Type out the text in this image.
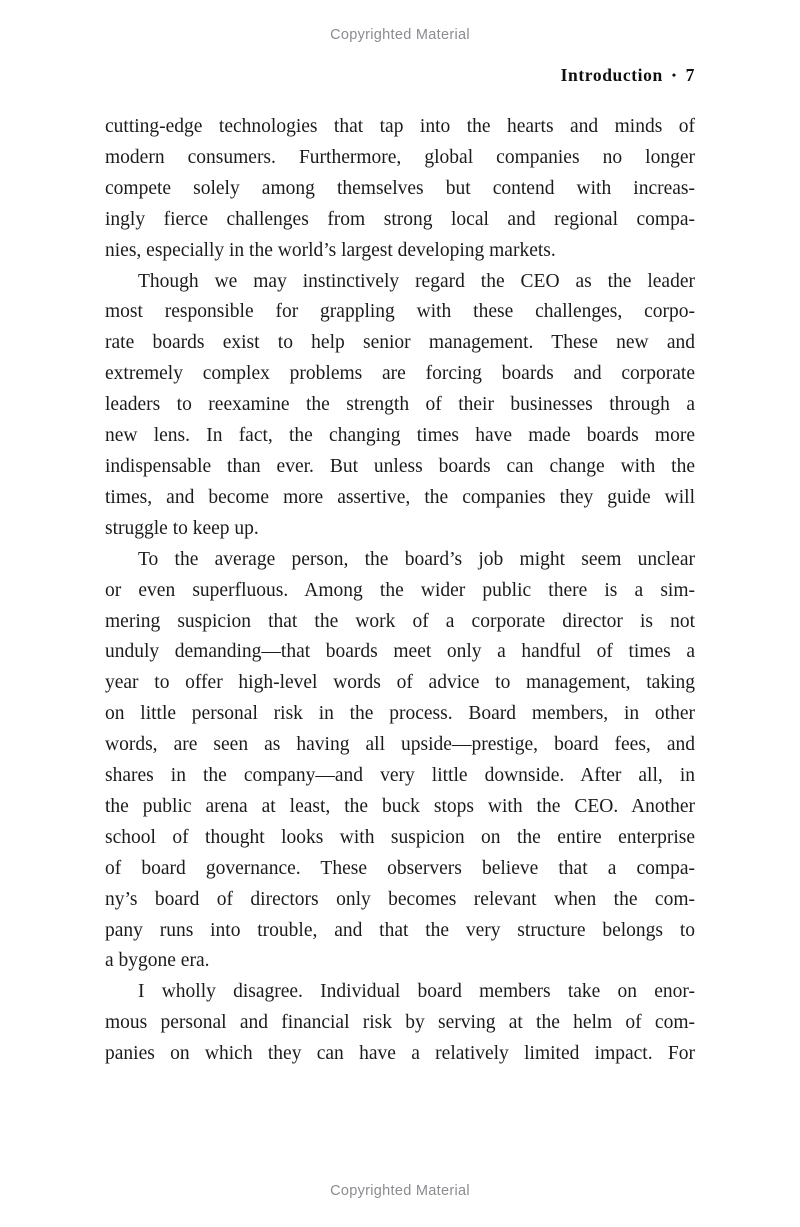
Copyrighted Material
Introduction • 7
cutting-edge technologies that tap into the hearts and minds of
modern consumers. Furthermore, global companies no longer
compete solely among themselves but contend with increas-
ingly fierce challenges from strong local and regional compa-
nies, especially in the world’s largest developing markets.
Though we may instinctively regard the CEO as the leader
most responsible for grappling with these challenges, corpo-
rate boards exist to help senior management. These new and
extremely complex problems are forcing boards and corporate
leaders to reexamine the strength of their businesses through a
new lens. In fact, the changing times have made boards more
indispensable than ever. But unless boards can change with the
times, and become more assertive, the companies they guide will
struggle to keep up.
To the average person, the board’s job might seem unclear
or even superfluous. Among the wider public there is a sim-
mering suspicion that the work of a corporate director is not
unduly demanding—that boards meet only a handful of times a
year to offer high-level words of advice to management, taking
on little personal risk in the process. Board members, in other
words, are seen as having all upside—prestige, board fees, and
shares in the company—and very little downside. After all, in
the public arena at least, the buck stops with the CEO. Another
school of thought looks with suspicion on the entire enterprise
of board governance. These observers believe that a compa-
ny’s board of directors only becomes relevant when the com-
pany runs into trouble, and that the very structure belongs to
a bygone era.
I wholly disagree. Individual board members take on enor-
mous personal and financial risk by serving at the helm of com-
panies on which they can have a relatively limited impact. For
Copyrighted Material
